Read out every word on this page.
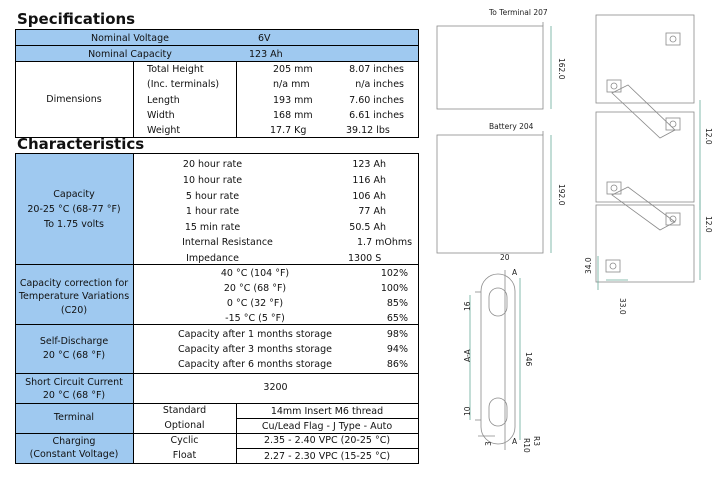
Specifications
Characteristics
Nominal Voltage	6V
Nominal Capacity	123 Ah
Dimensions
Total Height	205 mm	8.07 inches
(Inc. terminals)	n/a mm	n/a inches
Length	193 mm	7.60 inches
Width	168 mm	6.61 inches
Weight	17.7 Kg	39.12 lbs
Capacity
20-25 °C (68-77 °F)
To 1.75 volts
20 hour rate	123 Ah
10 hour rate	116 Ah
5 hour rate	106 Ah
1 hour rate	77 Ah
15 min rate	50.5 Ah
Internal Resistance	1.7 mOhms
Impedance	1300 S
Capacity correction for
Temperature Variations
(C20)
40 °C (104 °F)	102%
20 °C (68 °F)	100%
0 °C (32 °F)	85%
-15 °C (5 °F)	65%
Self-Discharge
20 °C (68 °F)
Capacity after 1 months storage	98%
Capacity after 3 months storage	94%
Capacity after 6 months storage	86%
Short Circuit Current
20 °C (68 °F)
3200
Terminal
Standard	14mm Insert M6 thread
Optional	Cu/Lead Flag - J Type - Auto
Charging
(Constant Voltage)
Cyclic	2.35 - 2.40 VPC (20-25 °C)
Float	2.27 - 2.30 VPC (15-25 °C)
To Terminal 207
Battery 204
162.0
192.0
12.0
12.0
34.0
33.0
20
16
146
10
3	R3
R10
A
A
A-A
